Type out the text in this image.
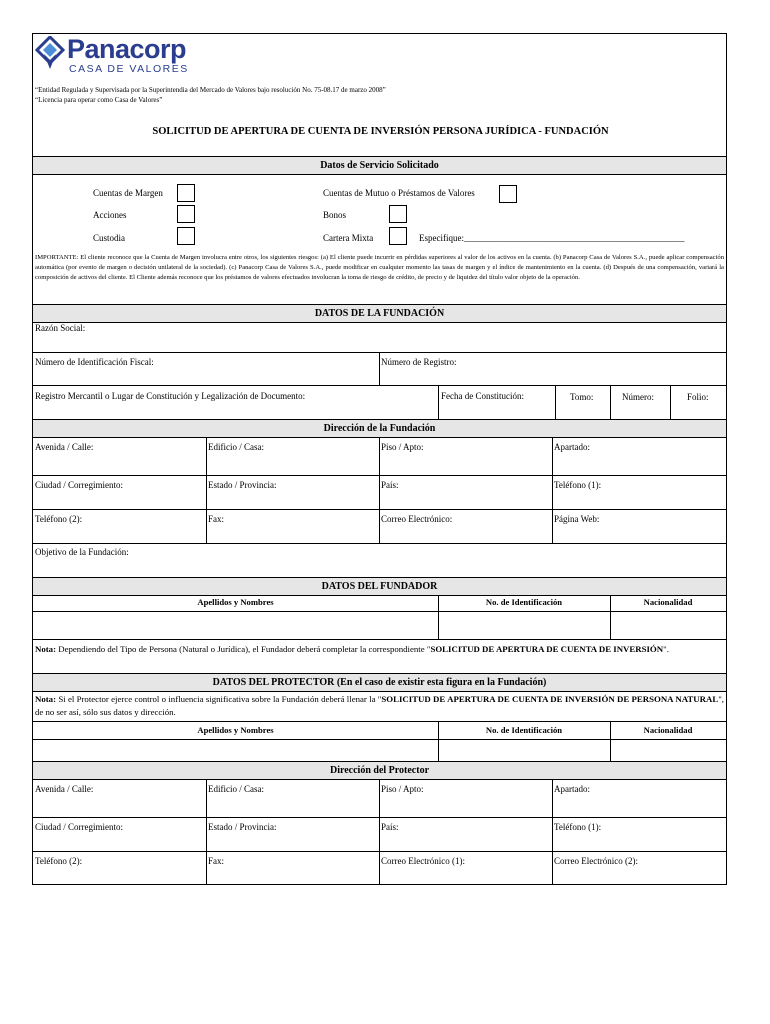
Panacorp
CASA DE VALORES
“Entidad Regulada y Supervisada por la Superintendia del Mercado de Valores bajo resolución No. 75-08.17 de marzo 2008”
“Licencia para operar como Casa de Valores”
SOLICITUD DE APERTURA DE CUENTA DE INVERSIÓN PERSONA JURÍDICA - FUNDACIÓN
Datos de Servicio Solicitado
Cuentas de Margen
Acciones
Custodia
Cuentas de Mutuo o Préstamos de Valores
Bonos
Cartera Mixta	Especifique:_________________________________________________
IMPORTANTE: El cliente reconoce que la Cuenta de Margen involucra entre otros, los siguientes riesgos: (a) El cliente puede incurrir en pérdidas superiores al valor de los activos en la cuenta. (b) Panacorp Casa de Valores S.A., puede aplicar compensación automática (por evento de margen o decisión unilateral de la sociedad). (c) Panacorp Casa de Valores S.A., puede modificar en cualquier momento las tasas de margen y el índice de mantenimiento en la cuenta. (d) Después de una compensación, variará la composición de activos del cliente. El Cliente además reconoce que los préstamos de valores efectuados involucran la toma de riesgo de crédito, de precio y de liquidez del título valor objeto de la operación.
DATOS DE LA FUNDACIÓN
Razón Social:
Número de Identificación Fiscal:	Número de Registro:
Registro Mercantil o Lugar de Constitución y Legalización de Documento:	Fecha de Constitución:	Tomo:	Número:	Folio:
Dirección de la Fundación
Avenida / Calle:	Edificio / Casa:	Piso / Apto:	Apartado:
Ciudad / Corregimiento:	Estado / Provincia:	País:	Teléfono (1):
Teléfono (2):	Fax:	Correo Electrónico:	Página Web:
Objetivo de la Fundación:
DATOS DEL FUNDADOR
Apellidos y Nombres	No. de Identificación	Nacionalidad
Nota: Dependiendo del Tipo de Persona (Natural o Jurídica), el Fundador deberá completar la correspondiente "SOLICITUD DE APERTURA DE CUENTA DE INVERSIÓN".
DATOS DEL PROTECTOR (En el caso de existir esta figura en la Fundación)
Nota: Si el Protector ejerce control o influencia significativa sobre la Fundación deberá llenar la "SOLICITUD DE APERTURA DE CUENTA DE INVERSIÓN DE PERSONA NATURAL", de no ser así, sólo sus datos y dirección.
Apellidos y Nombres	No. de Identificación	Nacionalidad
Dirección del Protector
Avenida / Calle:	Edificio / Casa:	Piso / Apto:	Apartado:
Ciudad / Corregimiento:	Estado / Provincia:	País:	Teléfono (1):
Teléfono (2):	Fax:	Correo Electrónico (1):	Correo Electrónico (2):
